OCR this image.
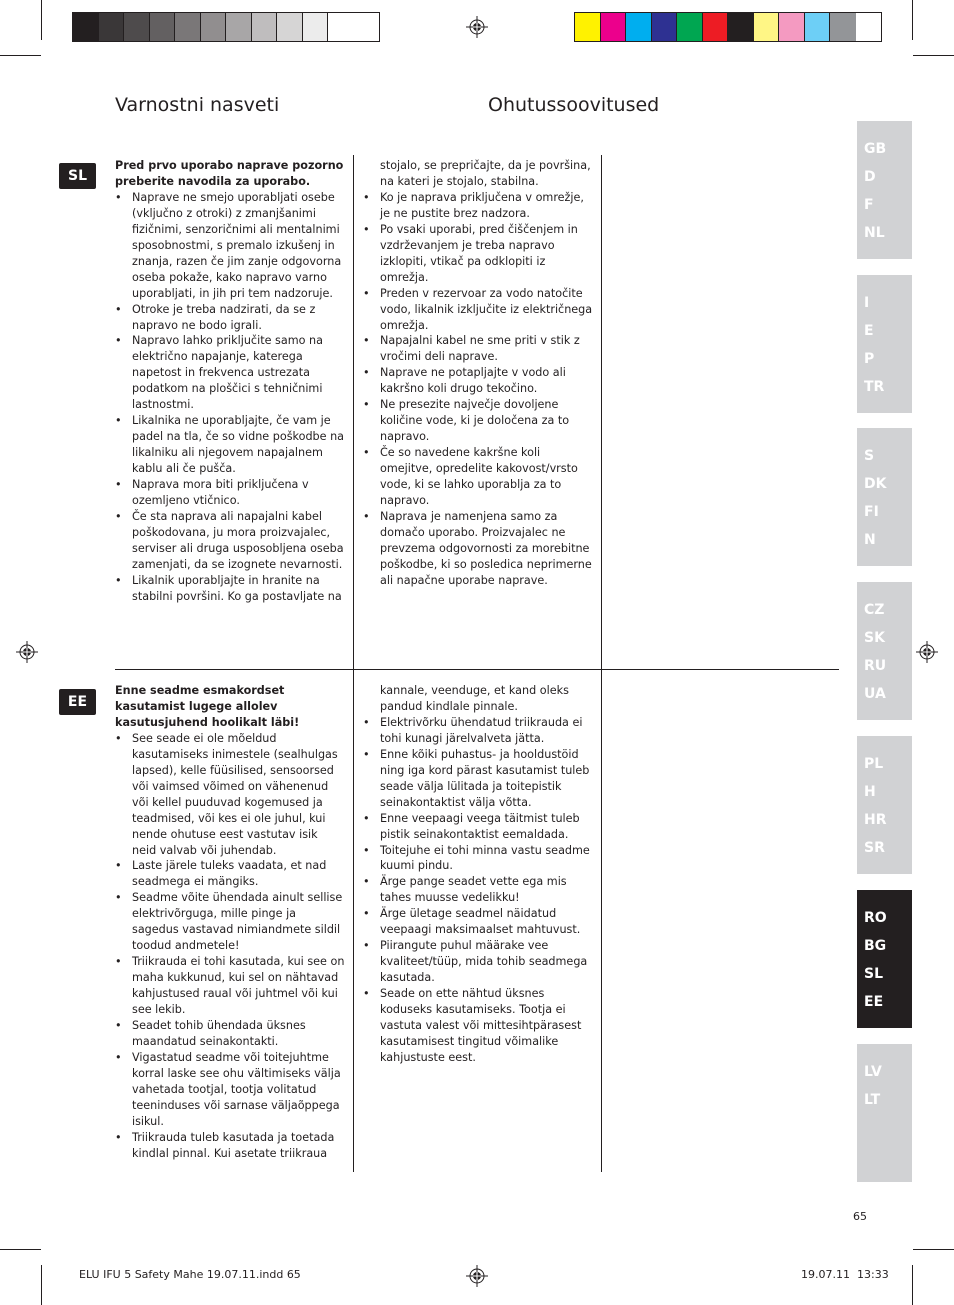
Varnostni nasveti	Ohutussoovitused
SL
EE

Pred prvo uporabo naprave pozorno preberite navodila za uporabo.

• Naprave ne smejo uporabljati osebe (vključno z otroki) z zmanjšanimi fizičnimi, senzoričnimi ali mentalnimi sposobnostmi, s premalo izkušenj in znanja, razen če jim zanje odgovorna oseba pokaže, kako napravo varno uporabljati, in jih pri tem nadzoruje.
• Otroke je treba nadzirati, da se z napravo ne bodo igrali.
• Napravo lahko priključite samo na električno napajanje, katerega napetost in frekvenca ustrezata podatkom na ploščici s tehničnimi lastnostmi.
• Likalnika ne uporabljajte, če vam je padel na tla, če so vidne poškodbe na likalniku ali njegovem napajalnem kablu ali če pušča.
• Naprava mora biti priključena v ozemljeno vtičnico.
• Če sta naprava ali napajalni kabel poškodovana, ju mora proizvajalec, serviser ali druga usposobljena oseba zamenjati, da se izognete nevarnosti.
• Likalnik uporabljajte in hranite na stabilni površini. Ko ga postavljate na

stojalo, se prepričajte, da je površina, na kateri je stojalo, stabilna.

• Ko je naprava priključena v omrežje, je ne pustite brez nadzora.
• Po vsaki uporabi, pred čiščenjem in vzdrževanjem je treba napravo izklopiti, vtikač pa odklopiti iz omrežja.
• Preden v rezervoar za vodo natočite vodo, likalnik izključite iz električnega omrežja.
• Napajalni kabel ne sme priti v stik z vročimi deli naprave.
• Naprave ne potapljajte v vodo ali kakršno koli drugo tekočino.
• Ne presezite največje dovoljene količine vode, ki je določena za to napravo.
• Če so navedene kakršne koli omejitve, opredelite kakovost/vrsto vode, ki se lahko uporablja za to napravo.
• Naprava je namenjena samo za domačo uporabo. Proizvajalec ne prevzema odgovornosti za morebitne poškodbe, ki so posledica neprimerne ali napačne uporabe naprave.

Enne seadme esmakordset kasutamist lugege allolev kasutusjuhend hoolikalt läbi!

• See seade ei ole mõeldud kasutamiseks inimestele (sealhulgas lapsed), kelle füüsilised, sensoorsed või vaimsed võimed on vähenenud või kellel puuduvad kogemused ja teadmised, või kes ei ole juhul, kui nende ohutuse eest vastutav isik neid valvab või juhendab.
• Laste järele tuleks vaadata, et nad seadmega ei mängiks.
• Seadme võite ühendada ainult sellise elektrivõrguga, mille pinge ja sagedus vastavad nimiandmete sildil toodud andmetele!
• Triikrauda ei tohi kasutada, kui see on maha kukkunud, kui sel on nähtavad kahjustused raual või juhtmel või kui see lekib.
• Seadet tohib ühendada üksnes maandatud seinakontakti.
• Vigastatud seadme või toitejuhtme korral laske see ohu vältimiseks välja vahetada tootjal, tootja volitatud teeninduses või sarnase väljaõppega isikul.
• Triikrauda tuleb kasutada ja toetada kindlal pinnal. Kui asetate triikraua

kannale, veenduge, et kand oleks pandud kindlale pinnale.

• Elektrivõrku ühendatud triikrauda ei tohi kunagi järelvalveta jätta.
• Enne kõiki puhastus- ja hooldustöid ning iga kord pärast kasutamist tuleb seade välja lülitada ja toitepistik seinakontaktist välja võtta.
• Enne veepaagi veega täitmist tuleb pistik seinakontaktist eemaldada.
• Toitejuhe ei tohi minna vastu seadme kuumi pindu.
• Ärge pange seadet vette ega mis tahes muusse vedelikku!
• Ärge ületage seadmel näidatud veepaagi maksimaalset mahtuvust.
• Piirangute puhul määrake vee kvaliteet/tüüp, mida tohib seadmega kasutada.
• Seade on ette nähtud üksnes koduseks kasutamiseks. Tootja ei vastuta valest või mittesihtpärasest kasutamisest tingitud võimalike kahjustuste eest.
GB
D
F
NL
I
E
P
TR
S
DK
FI
N
CZ
SK
RU
UA
PL
H
HR
SR
RO
BG
SL
EE
LV
LT
65
ELU IFU 5 Safety Mahe 19.07.11.indd 65	19.07.11 13:33
